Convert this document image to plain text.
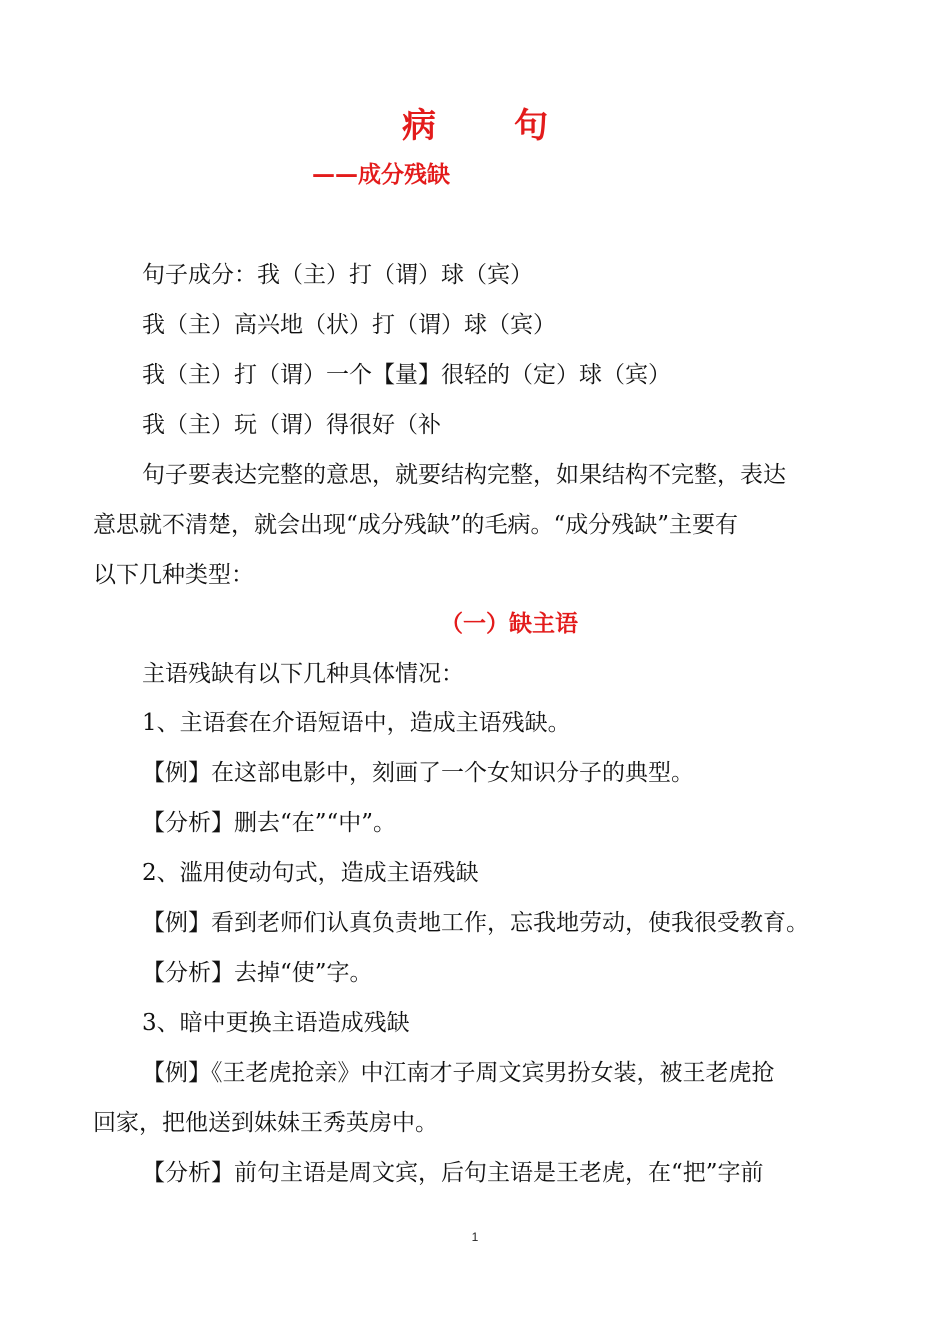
病　句
——成分残缺
句子成分：我（主）打（谓）球（宾）
我（主）高兴地（状）打（谓）球（宾）
我（主）打（谓）一个【量】很轻的（定）球（宾）
我（主）玩（谓）得很好（补
句子要表达完整的意思，就要结构完整，如果结构不完整，表达
意思就不清楚，就会出现“成分残缺”的毛病。“成分残缺”主要有
以下几种类型：
（一）缺主语
主语残缺有以下几种具体情况：
1、主语套在介语短语中，造成主语残缺。
【例】在这部电影中，刻画了一个女知识分子的典型。
【分析】删去“在”“中”。
2、滥用使动句式，造成主语残缺
【例】看到老师们认真负责地工作，忘我地劳动，使我很受教育。
【分析】去掉“使”字。
3、暗中更换主语造成残缺
【例】《王老虎抢亲》中江南才子周文宾男扮女装，被王老虎抢
回家，把他送到妹妹王秀英房中。
【分析】前句主语是周文宾，后句主语是王老虎，在“把”字前
1
